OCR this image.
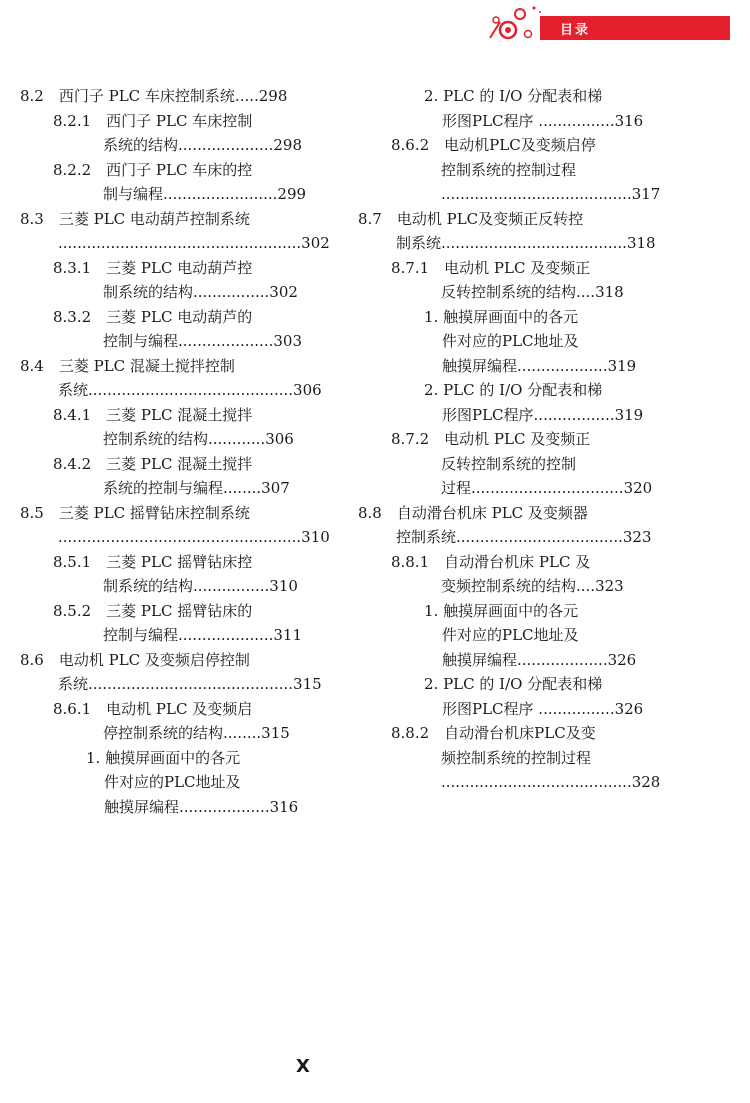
目录
8.2　西门子 PLC 车床控制系统.....298
8.2.1　西门子 PLC 车床控制
系统的结构....................298
8.2.2　西门子 PLC 车床的控
制与编程........................299
8.3　三菱 PLC 电动葫芦控制系统
...................................................302
8.3.1　三菱 PLC 电动葫芦控
制系统的结构................302
8.3.2　三菱 PLC 电动葫芦的
控制与编程....................303
8.4　三菱 PLC 混凝土搅拌控制
系统...........................................306
8.4.1　三菱 PLC 混凝土搅拌
控制系统的结构............306
8.4.2　三菱 PLC 混凝土搅拌
系统的控制与编程........307
8.5　三菱 PLC 摇臂钻床控制系统
...................................................310
8.5.1　三菱 PLC 摇臂钻床控
制系统的结构................310
8.5.2　三菱 PLC 摇臂钻床的
控制与编程....................311
8.6　电动机 PLC 及变频启停控制
系统...........................................315
8.6.1　电动机 PLC 及变频启
停控制系统的结构........315
1. 触摸屏画面中的各元
件对应的PLC地址及
触摸屏编程...................316
2. PLC 的 I/O 分配表和梯
形图PLC程序 ................316
8.6.2　电动机PLC及变频启停
控制系统的控制过程
........................................317
8.7　电动机 PLC及变频正反转控
制系统.......................................318
8.7.1　电动机 PLC 及变频正
反转控制系统的结构....318
1. 触摸屏画面中的各元
件对应的PLC地址及
触摸屏编程...................319
2. PLC 的 I/O 分配表和梯
形图PLC程序.................319
8.7.2　电动机 PLC 及变频正
反转控制系统的控制
过程................................320
8.8　自动滑台机床 PLC 及变频器
控制系统...................................323
8.8.1　自动滑台机床 PLC 及
变频控制系统的结构....323
1. 触摸屏画面中的各元
件对应的PLC地址及
触摸屏编程...................326
2. PLC 的 I/O 分配表和梯
形图PLC程序 ................326
8.8.2　自动滑台机床PLC及变
频控制系统的控制过程
........................................328
X
